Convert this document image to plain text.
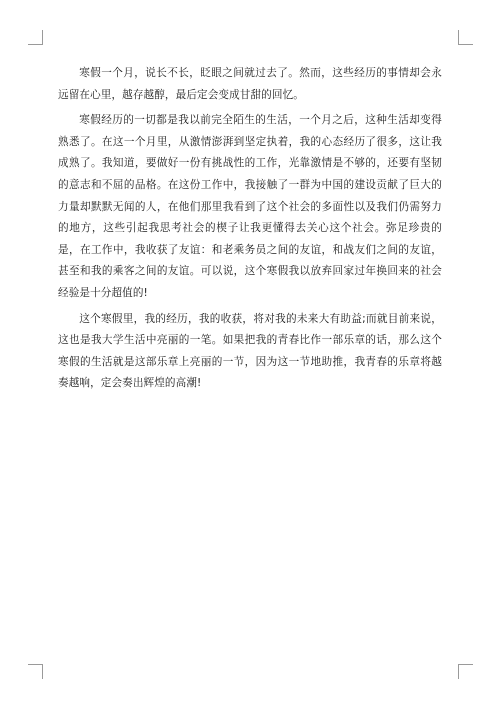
寒假一个月，说长不长，眨眼之间就过去了。然而，这些经历的事情却会永远留在心里，越存越醇，最后定会变成甘甜的回忆。

寒假经历的一切都是我以前完全陌生的生活，一个月之后，这种生活却变得熟悉了。在这一个月里，从激情澎湃到坚定执着，我的心态经历了很多，这让我成熟了。我知道，要做好一份有挑战性的工作，光靠激情是不够的，还要有坚韧的意志和不屈的品格。在这份工作中，我接触了一群为中国的建设贡献了巨大的力量却默默无闻的人，在他们那里我看到了这个社会的多面性以及我们仍需努力的地方，这些引起我思考社会的楔子让我更懂得去关心这个社会。弥足珍贵的是，在工作中，我收获了友谊：和老乘务员之间的友谊，和战友们之间的友谊，甚至和我的乘客之间的友谊。可以说，这个寒假我以放弃回家过年换回来的社会经验是十分超值的!

这个寒假里，我的经历，我的收获，将对我的未来大有助益;而就目前来说，这也是我大学生活中亮丽的一笔。如果把我的青春比作一部乐章的话，那么这个寒假的生活就是这部乐章上亮丽的一节，因为这一节地助推，我青春的乐章将越奏越响，定会奏出辉煌的高潮!
